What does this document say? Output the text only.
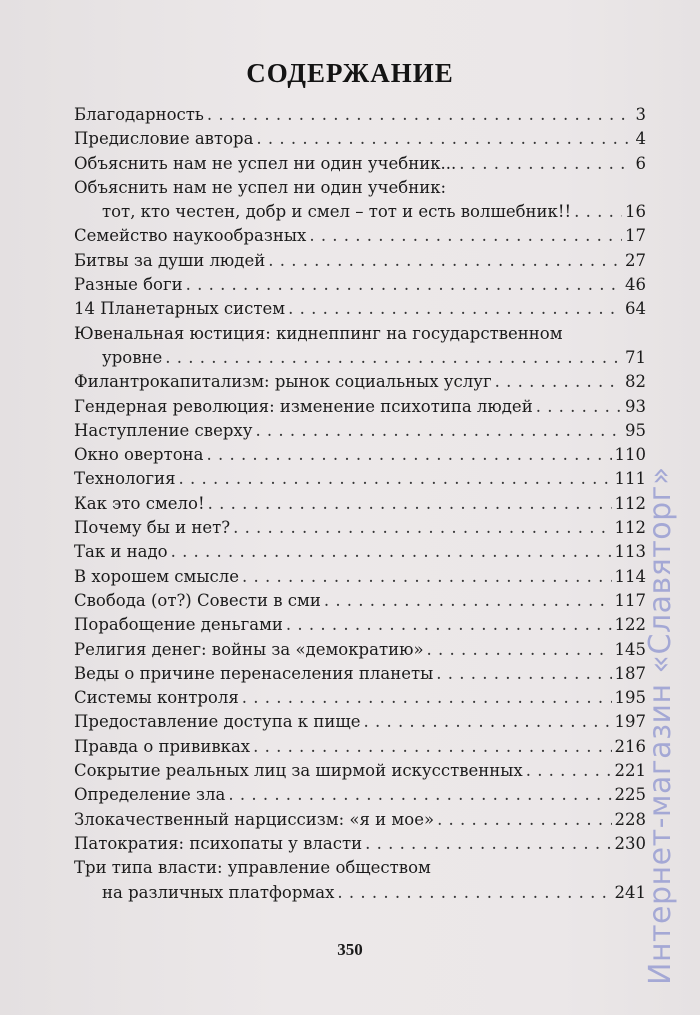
СОДЕРЖАНИЕ
Благодарность . . .	3
Предисловие автора . . .	4
Объяснить нам не успел ни один учебник... . . .	6
Объяснить нам не успел ни один учебник:
тот, кто честен, добр и смел – тот и есть волшебник!! . . .	16
Семейство наукообразных . . .	17
Битвы за души людей . . .	27
Разные боги . . .	46
14 Планетарных систем . . .	64
Ювенальная юстиция: киднеппинг на государственном
уровне . . .	71
Филантрокапитализм: рынок социальных услуг . . .	82
Гендерная революция: изменение психотипа людей . . .	93
Наступление сверху . . .	95
Окно овертона . . .	110
Технология . . .	111
Как это смело! . . .	112
Почему бы и нет? . . .	112
Так и надо . . .	113
В хорошем смысле . . .	114
Свобода (от?) Совести в сми . . .	117
Порабощение деньгами . . .	122
Религия денег: войны за «демократию» . . .	145
Веды о причине перенаселения планеты . . .	187
Системы контроля . . .	195
Предоставление доступа к пище . . .	197
Правда о прививках . . .	216
Сокрытие реальных лиц за ширмой искусственных . . .	221
Определение зла . . .	225
Злокачественный нарциссизм: «я и мое» . . .	228
Патократия: психопаты у власти . . .	230
Три типа власти: управление обществом
на различных платформах . . .	241
350	Интернет-магазин «Славяторг»
